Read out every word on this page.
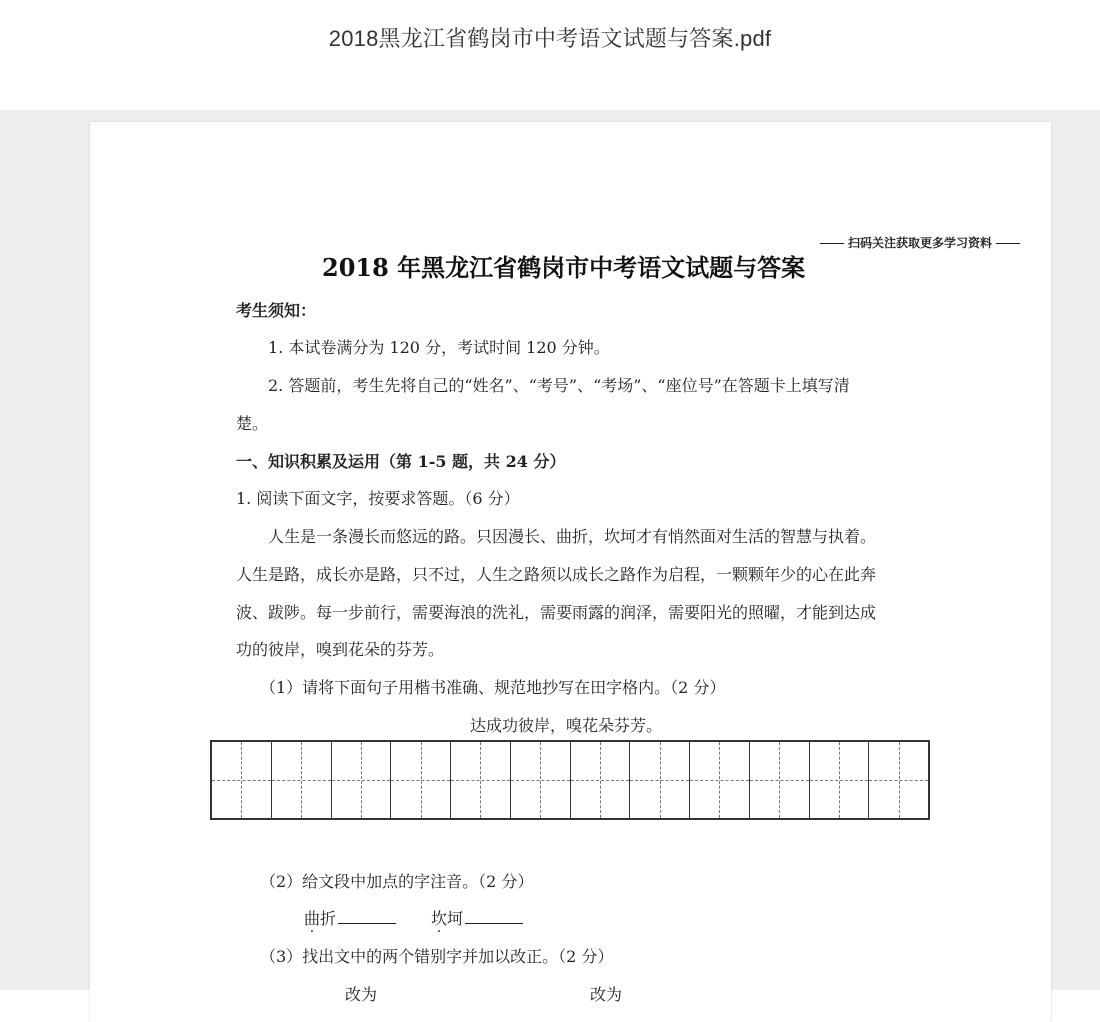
2018黑龙江省鹤岗市中考语文试题与答案.pdf
扫码关注获取更多学习资料
2018 年黑龙江省鹤岗市中考语文试题与答案
考生须知：
1. 本试卷满分为 120 分，考试时间 120 分钟。
2. 答题前，考生先将自己的“姓名”、“考号”、“考场”、“座位号”在答题卡上填写清
楚。
一、知识积累及运用（第 1-5 题，共 24 分）
1. 阅读下面文字，按要求答题。（6 分）
人生是一条漫长而悠远的路。只因漫长、曲折，坎坷才有悄然面对生活的智慧与执着。
人生是路，成长亦是路，只不过，人生之路须以成长之路作为启程，一颗颗年少的心在此奔
波、跋陟。每一步前行，需要海浪的洗礼，需要雨露的润泽，需要阳光的照曜，才能到达成
功的彼岸，嗅到花朵的芬芳。
（1）请将下面句子用楷书准确、规范地抄写在田字格内。（2 分）
达成功彼岸，嗅花朵芬芳。
（2）给文段中加点的字注音。（2 分）
曲折	坎坷
（3）找出文中的两个错别字并加以改正。（2 分）
改为	改为
